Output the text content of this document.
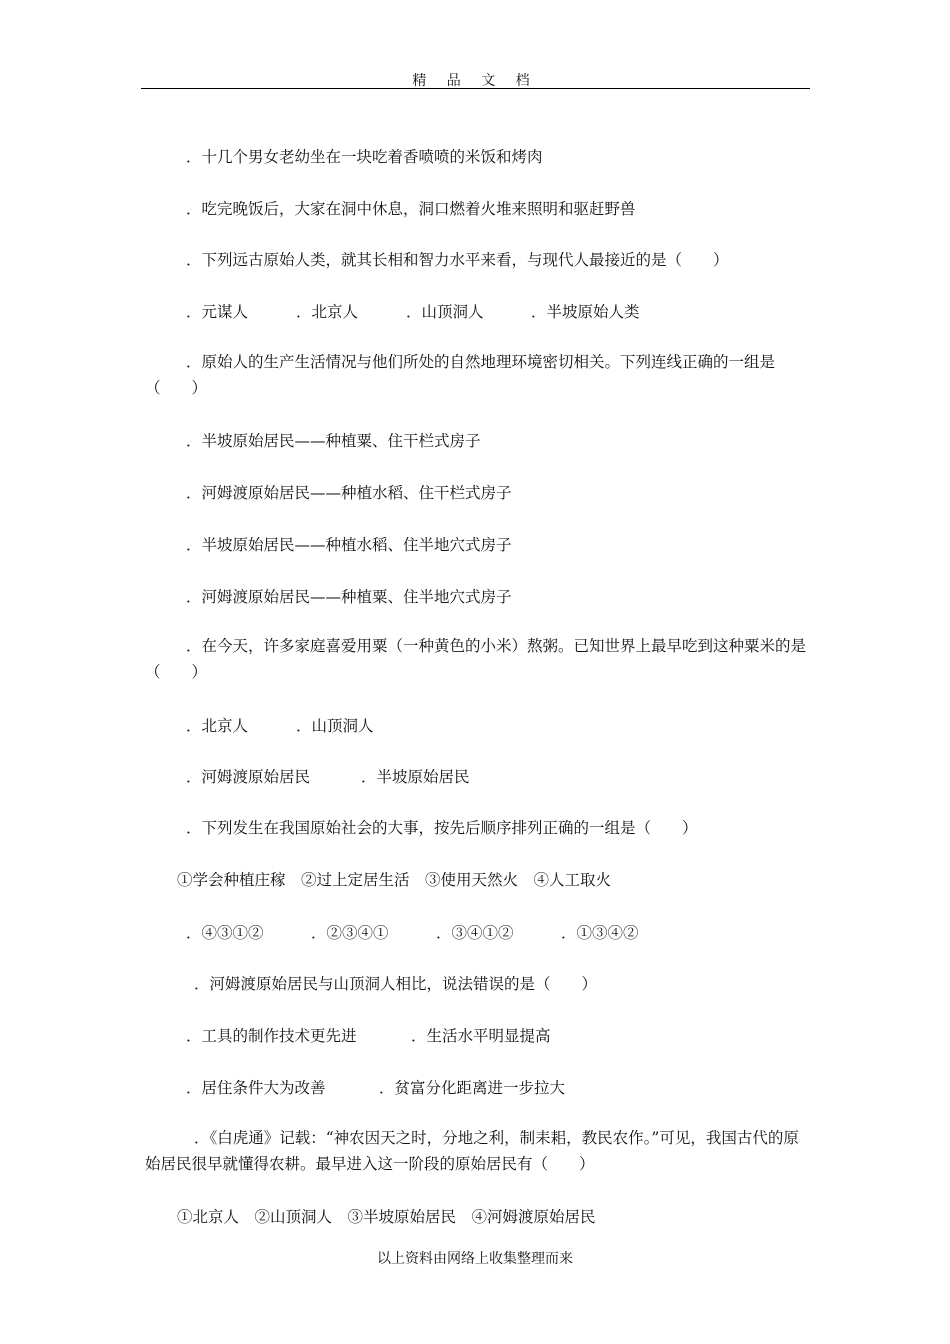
精 品 文 档
．十几个男女老幼坐在一块吃着香喷喷的米饭和烤肉
．吃完晚饭后，大家在洞中休息，洞口燃着火堆来照明和驱赶野兽
．下列远古原始人类，就其长相和智力水平来看，与现代人最接近的是（　　）
．元谋人	．北京人	．山顶洞人	．半坡原始人类
．原始人的生产生活情况与他们所处的自然地理环境密切相关。下列连线正确的一组是（　　）
．半坡原始居民——种植粟、住干栏式房子
．河姆渡原始居民——种植水稻、住干栏式房子
．半坡原始居民——种植水稻、住半地穴式房子
．河姆渡原始居民——种植粟、住半地穴式房子
．在今天，许多家庭喜爱用粟（一种黄色的小米）熬粥。已知世界上最早吃到这种粟米的是（　　）
．北京人	．山顶洞人
．河姆渡原始居民	．半坡原始居民
．下列发生在我国原始社会的大事，按先后顺序排列正确的一组是（　　）
①学会种植庄稼　②过上定居生活　③使用天然火　④人工取火
．④③①②	．②③④①	．③④①②	．①③④②
．河姆渡原始居民与山顶洞人相比，说法错误的是（　　）
．工具的制作技术更先进	．生活水平明显提高
．居住条件大为改善	．贫富分化距离进一步拉大
．《白虎通》记载：“神农因天之时，分地之利，制耒耜，教民农作。”可见，我国古代的原始居民很早就懂得农耕。最早进入这一阶段的原始居民有（　　）
①北京人　②山顶洞人　③半坡原始居民　④河姆渡原始居民
以上资料由网络上收集整理而来
